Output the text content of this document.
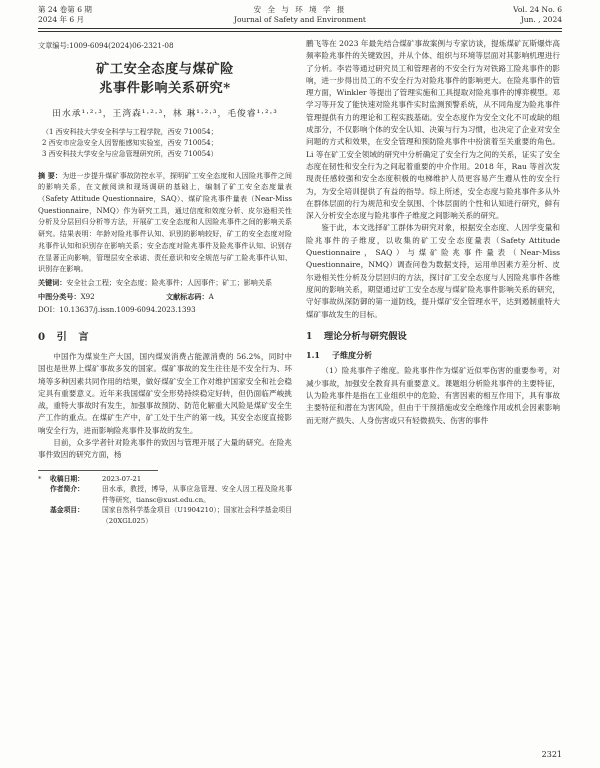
第 24 卷第 6 期
2024 年 6 月
安 全 与 环 境 学 报
Journal of Safety and Environment
Vol. 24 No. 6
Jun. , 2024
文章编号:1009-6094(2024)06-2321-08
矿工安全态度与煤矿险
兆事件影响关系研究*
田水承¹·²·³，王湾森¹·²·³，林 琳¹·²·³，毛俊睿¹·²·³
（1 西安科技大学安全科学与工程学院，西安 710054；
2 西安市应急安全人因智能感知实验室，西安 710054；
3 西安科技大学安全与应急管理研究所，西安 710054）
摘 要：为进一步提升煤矿事故防控水平，探明矿工安全态度和人因险兆事件之间的影响关系，在文献阅读和现场调研的基础上，编制了矿工安全态度量表（Safety Attitude Questionnaire，SAQ）、煤矿险兆事件量表（Near-Miss Questionnaire，NMQ）作为研究工具，通过信度和效度分析、皮尔逊相关性分析及分层回归分析等方法，开展矿工安全态度和人因险兆事件之间的影响关系研究。结果表明：年龄对险兆事件认知、识别的影响较好，矿工的安全态度对险兆事件认知和识别存在影响关系；安全态度对险兆事件及险兆事件认知、识别存在显著正向影响，管理层安全承诺、责任意识和安全规范与矿工险兆事件认知、识别存在影响。
关键词：安全社会工程；安全态度；险兆事件；人因事件；矿工；影响关系
中图分类号：X92	文献标志码：A
DOI：10.13637/j.issn.1009-6094.2023.1393
0 引 言
中国作为煤炭生产大国，国内煤炭消费占能源消费的 56.2%，同时中国也是世界上煤矿事故多发的国家。煤矿事故的发生往往是不安全行为、环境等多种因素共同作用的结果，做好煤矿安全工作对维护国家安全和社会稳定具有重要意义。近年来我国煤矿安全形势持续稳定好转，但仍面临严峻挑战，重特大事故时有发生，加强事故预防、防范化解重大风险是煤矿安全生产工作的重点。在煤矿生产中，矿工处于生产的第一线，其安全态度直接影响安全行为，进而影响险兆事件及事故的发生。
目前，众多学者针对险兆事件的致因与管理开展了大量的研究。在险兆事件致因的研究方面，杨
*	收稿日期：	2023-07-21
作者简介：	田水承，教授，博导，从事应急管理、安全人因工程及险兆事件等研究，tiansc@xust.edu.cn。
基金项目：	国家自然科学基金项目（U1904210）；国家社会科学基金项目（20XGL025）
鹏飞等在 2023 年最先结合煤矿事故案例与专家访谈，提炼煤矿瓦斯爆炸高频率险兆事件的关键致因，并从个体、组织与环境等层面对其影响机理进行了分析。李岩等通过研究员工和管理者的不安全行为对铁路工险兆事件的影响，进一步得出员工的不安全行为对险兆事件的影响更大。在险兆事件的管理方面，Winkler 等提出了管理实施和工具提取对险兆事件的博弈模型。邓学习等开发了能快速对险兆事件实时监测预警系统，从不同角度为险兆事件管理提供有力的理论和工程实践基础。安全态度作为安全文化不可或缺的组成部分，不仅影响个体的安全认知、决策与行为习惯，也决定了企业对安全问题的方式和效果，在安全管理和预防险兆事件中扮演着至关重要的角色。Li 等在矿工安全领域的研究中分析确定了安全行为之间的关系，证实了安全态度在韧性和安全行为之间起着重要的中介作用。2018 年，Rau 等首次发现责任感较强和安全态度积极的电梯维护人员更容易产生遵从性的安全行为，为安全培训提供了有益的指导。综上所述，安全态度与险兆事件多从外在群体层面的行为规范和安全氛围、个体层面的个性和认知进行研究，鲜有深入分析安全态度与险兆事件子维度之间影响关系的研究。
鉴于此，本文选择矿工群体为研究对象，根据安全态度、人因学变量和险兆事件的子维度，以收集的矿工安全态度量表（Safety Attitude Questionnaire，SAQ）与煤矿险兆事件量表（Near-Miss Questionnaire，NMQ）调查问卷为数据支持，运用单因素方差分析、皮尔逊相关性分析及分层回归的方法，探讨矿工安全态度与人因险兆事件各维度间的影响关系，期望通过矿工安全态度与煤矿险兆事件影响关系的研究，守好事故纵深防御的第一道防线，提升煤矿安全管理水平，达到遏制重特大煤矿事故发生的目标。
1 理论分析与研究假设
1.1 子维度分析
（1）险兆事件子维度。险兆事件作为煤矿近似零伤害的重要参考，对减少事故，加强安全教育具有重要意义。课题组分析险兆事件的主要特征，认为险兆事件是指在工业组织中的危险、有害因素的相互作用下，具有事故主要特征和潜在为害风险，但由于干预措施或安全绝缘作用或机会因素影响而无财产损失、人身伤害或只有轻微损失、伤害的事件
2321
